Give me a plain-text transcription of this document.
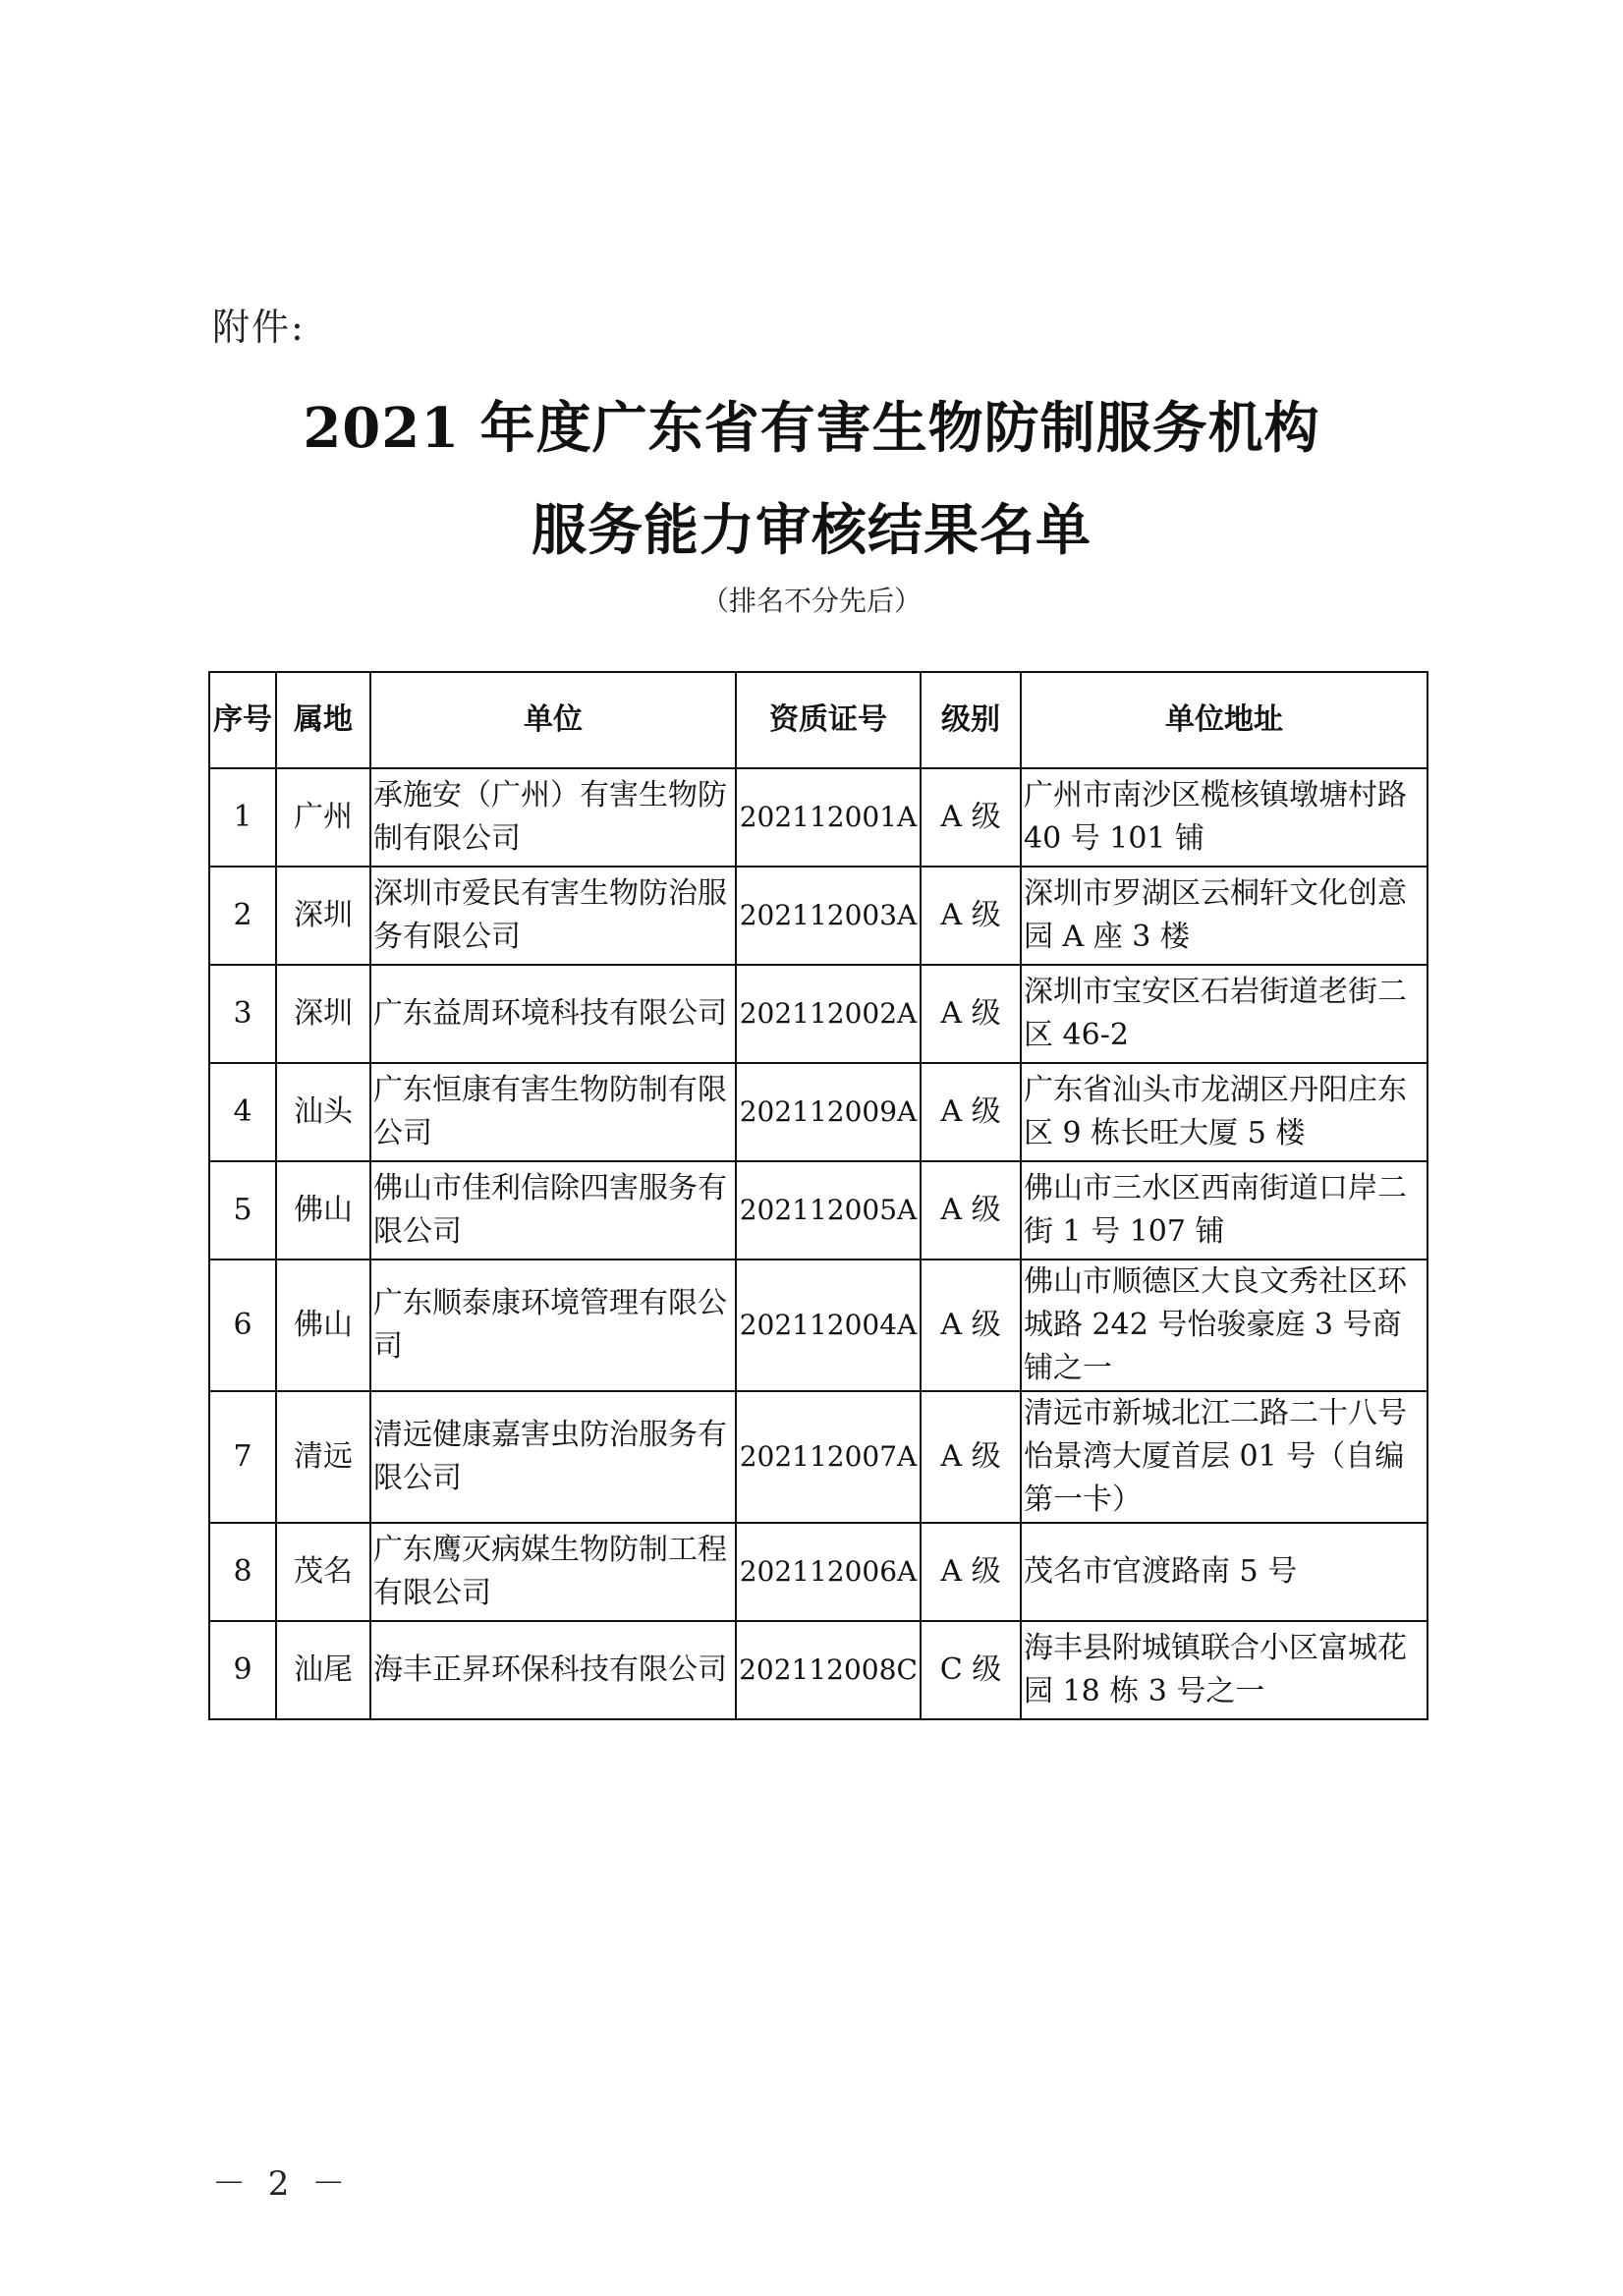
附件:
2021 年度广东省有害生物防制服务机构
服务能力审核结果名单
（排名不分先后）
序号	属地	单位	资质证号	级别	单位地址
1	广州	承施安（广州）有害生物防制有限公司	202112001A	A 级	广州市南沙区榄核镇墩塘村路 40 号 101 铺
2	深圳	深圳市爱民有害生物防治服务有限公司	202112003A	A 级	深圳市罗湖区云桐轩文化创意园 A 座 3 楼
3	深圳	广东益周环境科技有限公司	202112002A	A 级	深圳市宝安区石岩街道老街二区 46-2
4	汕头	广东恒康有害生物防制有限公司	202112009A	A 级	广东省汕头市龙湖区丹阳庄东区 9 栋长旺大厦 5 楼
5	佛山	佛山市佳利信除四害服务有限公司	202112005A	A 级	佛山市三水区西南街道口岸二街 1 号 107 铺
6	佛山	广东顺泰康环境管理有限公司	202112004A	A 级	佛山市顺德区大良文秀社区环城路 242 号怡骏豪庭 3 号商铺之一
7	清远	清远健康嘉害虫防治服务有限公司	202112007A	A 级	清远市新城北江二路二十八号怡景湾大厦首层 01 号（自编第一卡）
8	茂名	广东鹰灭病媒生物防制工程有限公司	202112006A	A 级	茂名市官渡路南 5 号
9	汕尾	海丰正昇环保科技有限公司	202112008C	C 级	海丰县附城镇联合小区富城花园 18 栋 3 号之一
－ 2 －
